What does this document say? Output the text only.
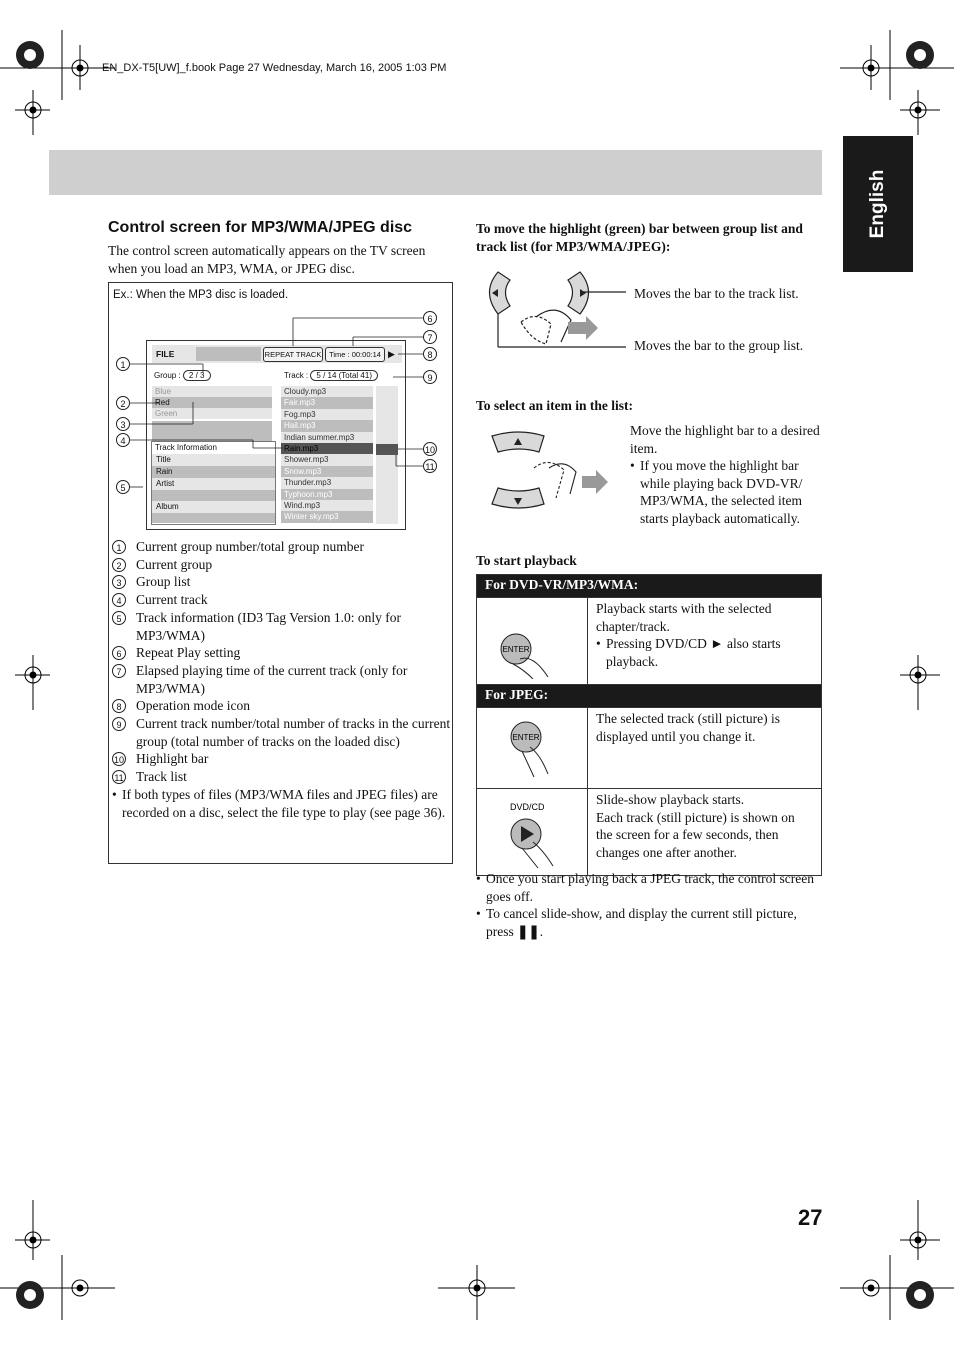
EN_DX-T5[UW]_f.book Page 27 Wednesday, March 16, 2005 1:03 PM
English
Control screen for MP3/WMA/JPEG disc
The control screen automatically appears on the TV screen when you load an MP3, WMA, or JPEG disc.
Ex.: When the MP3 disc is loaded.
FILE	REPEAT TRACK	Time : 00:00:14 ▶
Group : 2 / 3	Track : 5 / 14 (Total 41)
Blue
Red
Green
Track Information
Title
Rain
Artist
Album
Cloudy.mp3
Fair.mp3
Fog.mp3
Hail.mp3
Indian summer.mp3
Rain.mp3
Shower.mp3
Snow.mp3
Thunder.mp3
Typhoon.mp3
Wind.mp3
Winter sky.mp3
1
2
3
4
5
6
7
8
9
10
11
1	Current group number/total group number
2	Current group
3	Group list
4	Current track
5	Track information (ID3 Tag Version 1.0: only for MP3/WMA)
6	Repeat Play setting
7	Elapsed playing time of the current track (only for MP3/WMA)
8	Operation mode icon
9	Current track number/total number of tracks in the current group (total number of tracks on the loaded disc)
10 Highlight bar
11 Track list
• If both types of files (MP3/WMA files and JPEG files) are recorded on a disc, select the file type to play (see page 36).
To move the highlight (green) bar between group list and track list (for MP3/WMA/JPEG):
Moves the bar to the track list.
Moves the bar to the group list.
To select an item in the list:
Move the highlight bar to a desired item.
• If you move the highlight bar while playing back DVD-VR/ MP3/WMA, the selected item starts playback automatically.
To start playback
For DVD-VR/MP3/WMA:	

ENTER	Playback starts with the selected chapter/track.
• Pressing DVD/CD ► also starts playback.

For JPEG:	

ENTER	The selected track (still picture) is displayed until you change it.

DVD/CD	Slide-show playback starts.
Each track (still picture) is shown on the screen for a few seconds, then changes one after another.
• Once you start playing back a JPEG track, the control screen goes off.
• To cancel slide-show, and display the current still picture, press ❚❚.
27
